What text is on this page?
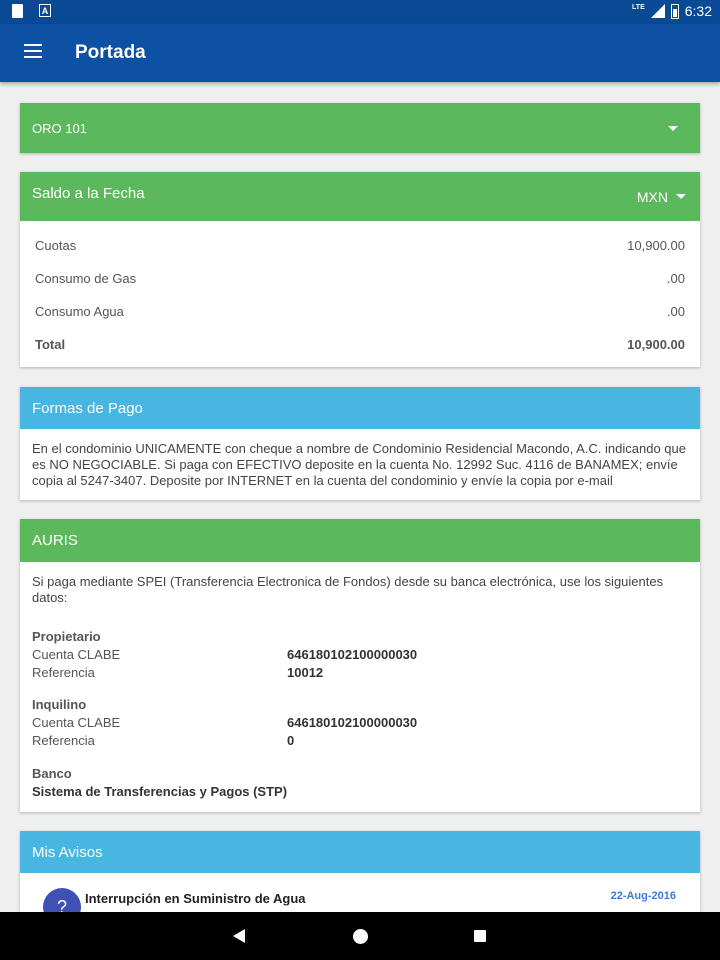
A	LTE	6:32
Portada
ORO 101
Saldo a la Fecha	MXN
Cuotas	10,900.00
Consumo de Gas	.00
Consumo Agua	.00
Total	10,900.00
Formas de Pago
En el condominio UNICAMENTE con cheque a nombre de Condominio Residencial Macondo, A.C. indicando que es NO NEGOCIABLE. Si paga con EFECTIVO deposite en la cuenta No. 12992 Suc. 4116 de BANAMEX; envíe copia al 5247-3407. Deposite por INTERNET en la cuenta del condominio y envíe la copia por e-mail
AURIS
Si paga mediante SPEI (Transferencia Electronica de Fondos) desde su banca electrónica, use los siguientes datos:
Propietario
Cuenta CLABE	646180102100000030
Referencia	10012
Inquilino
Cuenta CLABE	646180102100000030
Referencia	0
Banco
Sistema de Transferencias y Pagos (STP)
Mis Avisos
?	Interrupción en Suministro de Agua	22-Aug-2016
